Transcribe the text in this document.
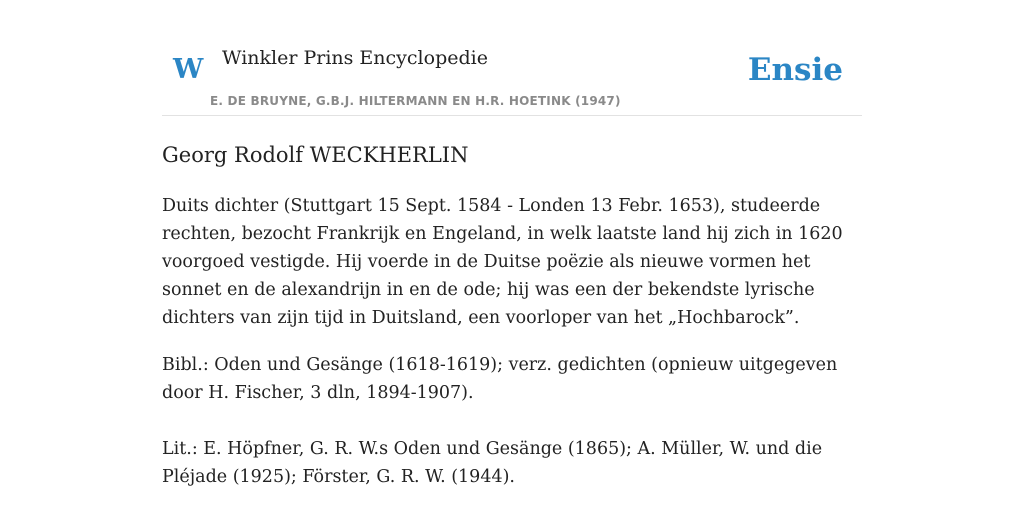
W Winkler Prins Encyclopedie
E. DE BRUYNE, G.B.J. HILTERMANN EN H.R. HOETINK (1947)
Ensie
Georg Rodolf WECKHERLIN

Duits dichter (Stuttgart 15 Sept. 1584 - Londen 13 Febr. 1653), studeerde rechten, bezocht Frankrijk en Engeland, in welk laatste land hij zich in 1620 voorgoed vestigde. Hij voerde in de Duitse poëzie als nieuwe vormen het sonnet en de alexandrijn in en de ode; hij was een der bekendste lyrische dichters van zijn tijd in Duitsland, een voorloper van het „Hochbarock”.

Bibl.: Oden und Gesänge (1618-1619); verz. gedichten (opnieuw uitgegeven door H. Fischer, 3 dln, 1894-1907).

Lit.: E. Höpfner, G. R. W.s Oden und Gesänge (1865); A. Müller, W. und die Pléjade (1925); Förster, G. R. W. (1944).
